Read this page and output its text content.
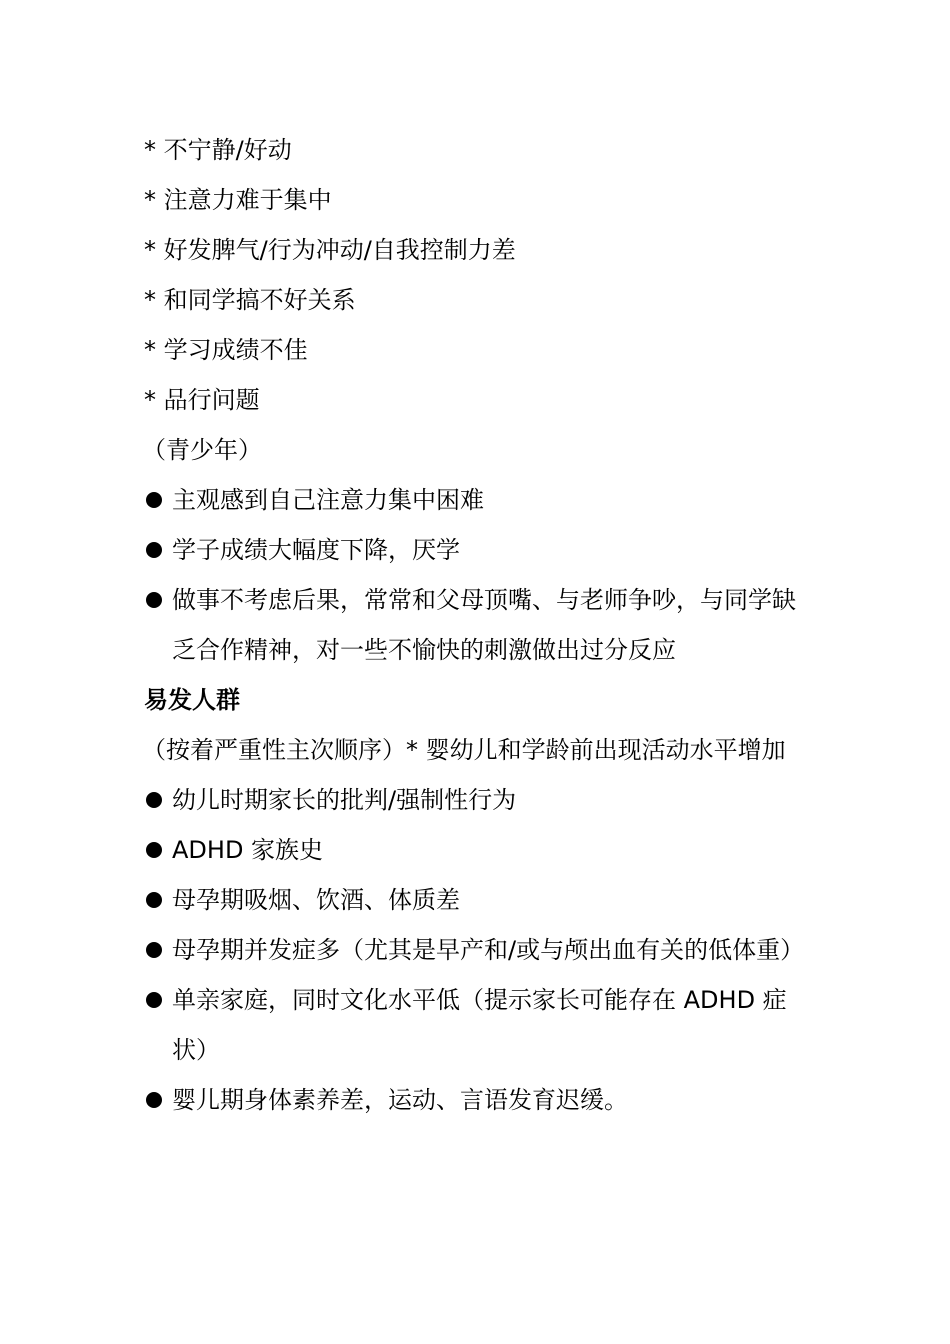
* 不宁静/好动
* 注意力难于集中
* 好发脾气/行为冲动/自我控制力差
* 和同学搞不好关系
* 学习成绩不佳
* 品行问题
（青少年）
主观感到自己注意力集中困难
学子成绩大幅度下降，厌学
做事不考虑后果，常常和父母顶嘴、与老师争吵，与同学缺乏合作精神，对一些不愉快的刺激做出过分反应
易发人群
（按着严重性主次顺序）* 婴幼儿和学龄前出现活动水平增加
幼儿时期家长的批判/强制性行为
ADHD 家族史
母孕期吸烟、饮酒、体质差
母孕期并发症多（尤其是早产和/或与颅出血有关的低体重）
单亲家庭，同时文化水平低（提示家长可能存在 ADHD 症状）
婴儿期身体素养差，运动、言语发育迟缓。
